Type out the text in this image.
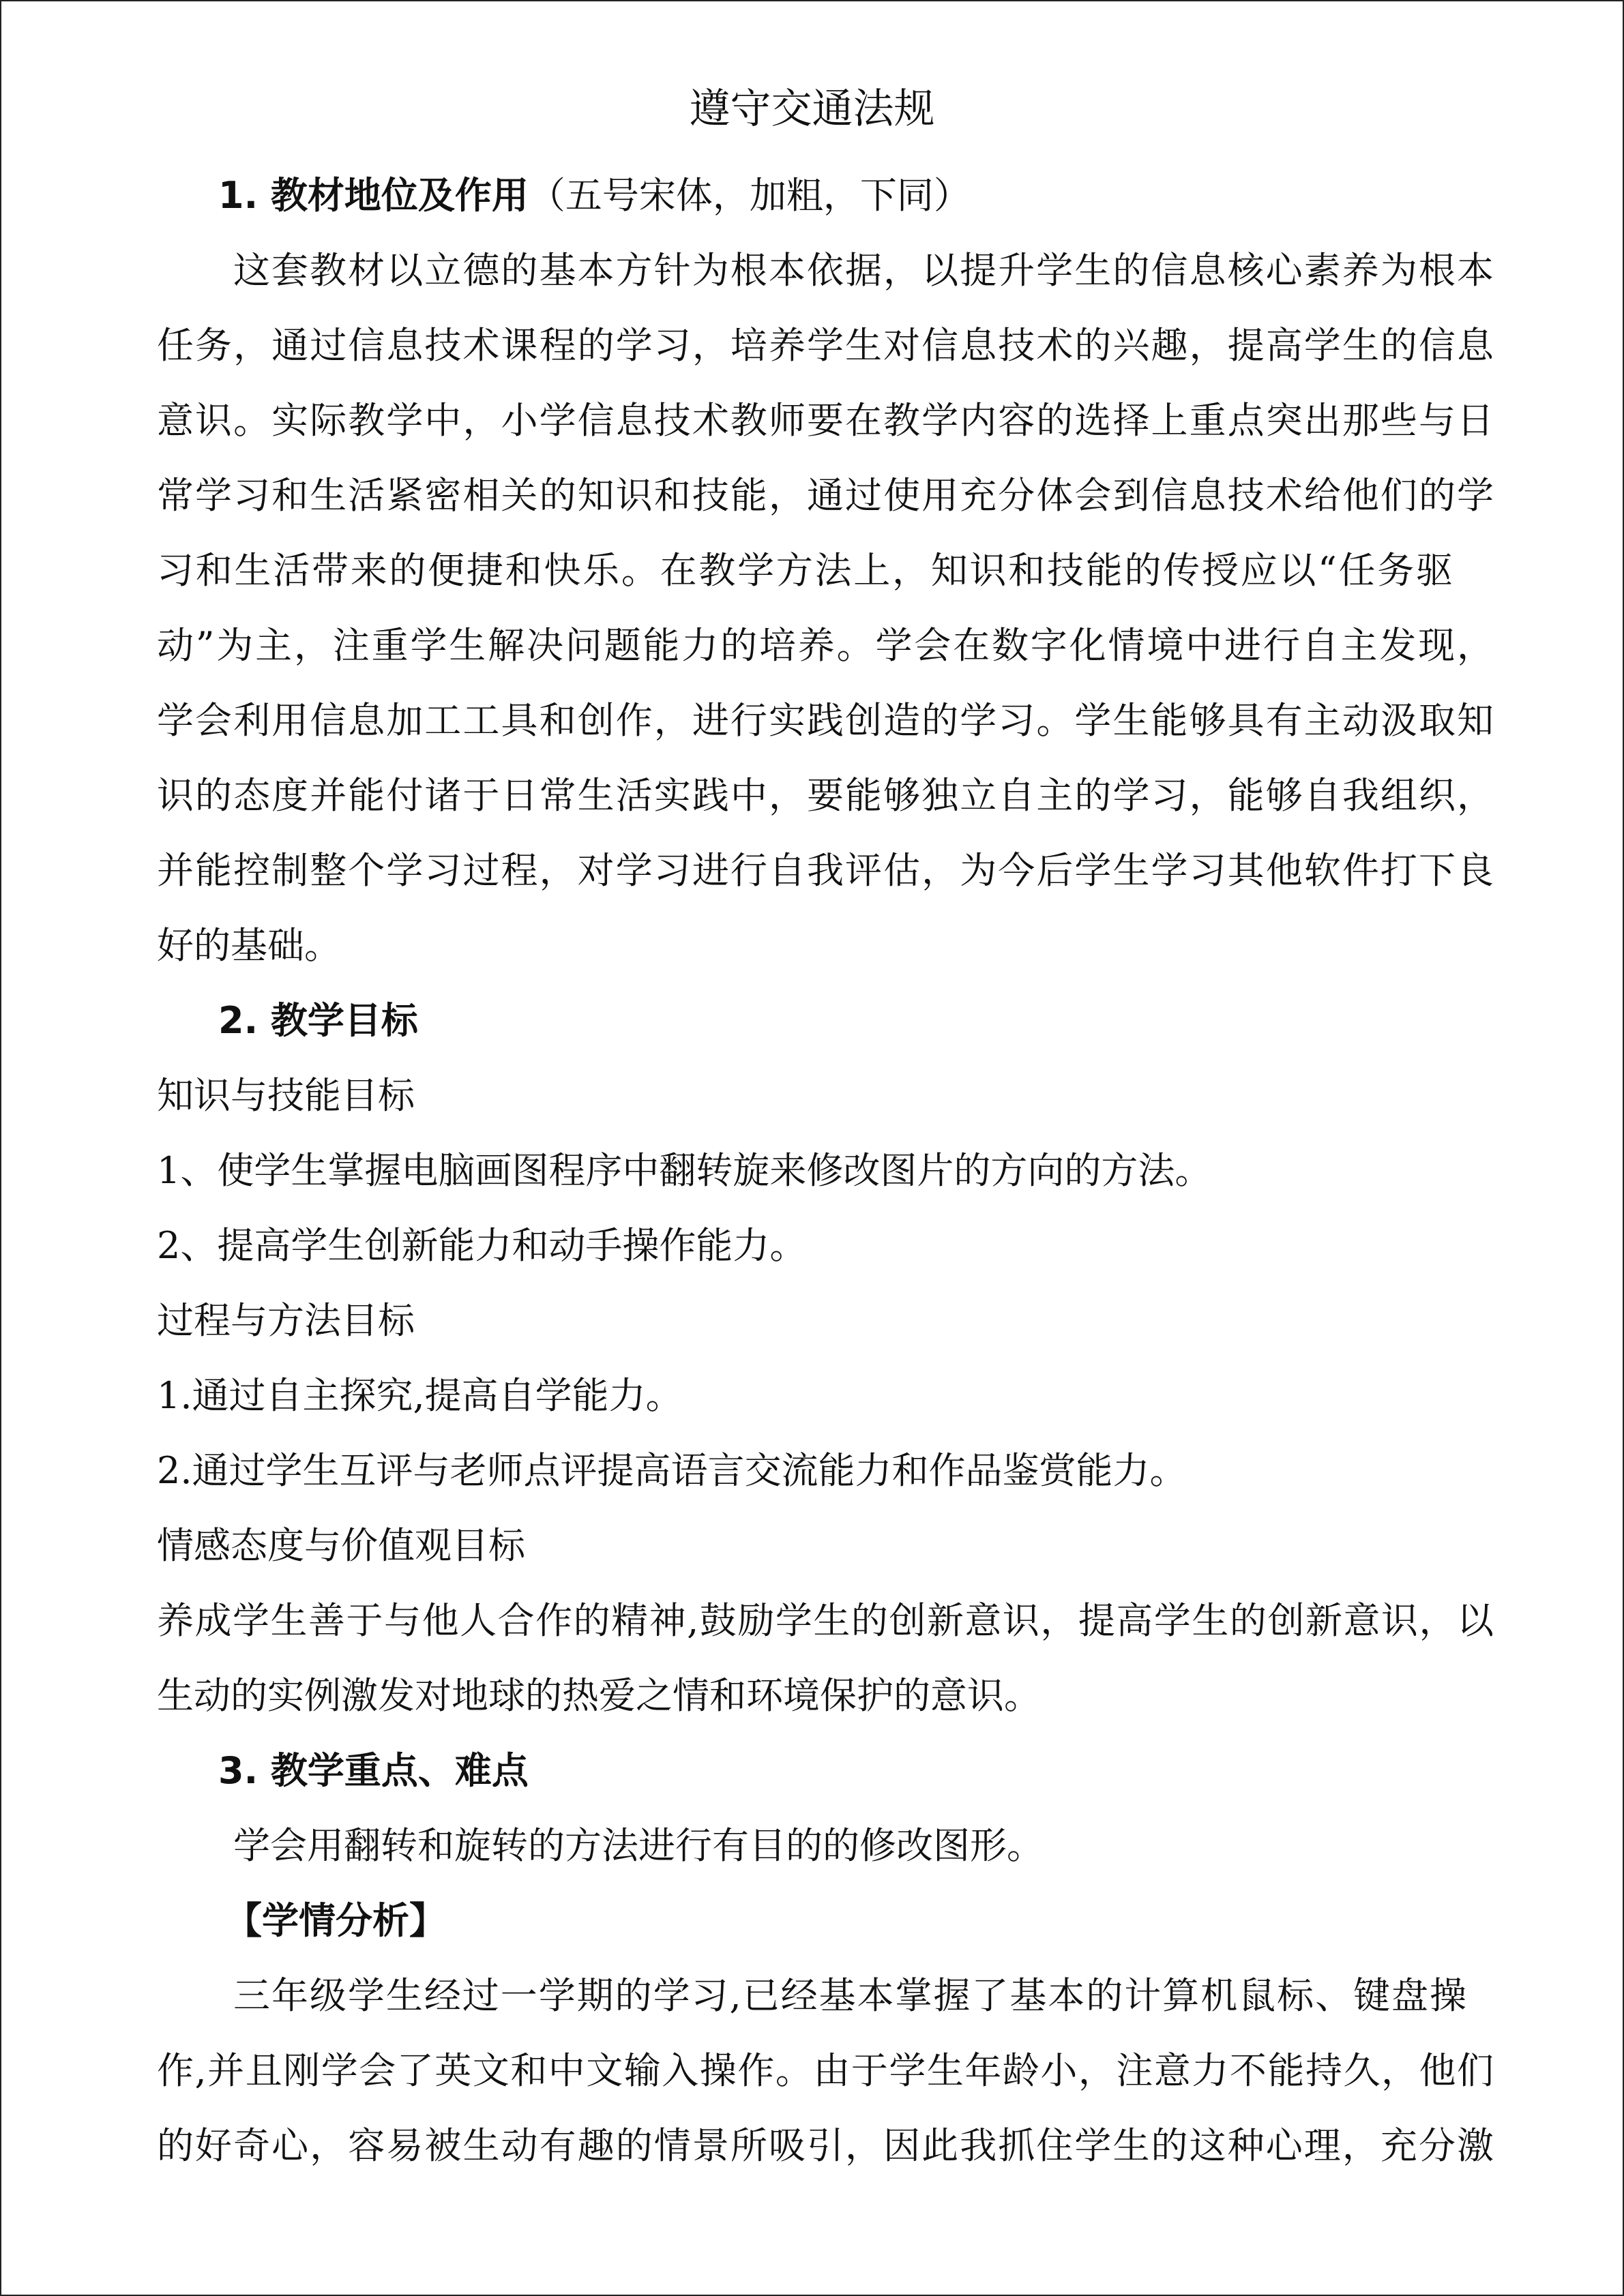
遵守交通法规
1. 教材地位及作用（五号宋体，加粗，下同）
这套教材以立德的基本方针为根本依据，以提升学生的信息核心素养为根本
任务，通过信息技术课程的学习，培养学生对信息技术的兴趣，提高学生的信息
意识。实际教学中，小学信息技术教师要在教学内容的选择上重点突出那些与日
常学习和生活紧密相关的知识和技能，通过使用充分体会到信息技术给他们的学
习和生活带来的便捷和快乐。在教学方法上，知识和技能的传授应以“任务驱
动”为主，注重学生解决问题能力的培养。学会在数字化情境中进行自主发现，
学会利用信息加工工具和创作，进行实践创造的学习。学生能够具有主动汲取知
识的态度并能付诸于日常生活实践中，要能够独立自主的学习，能够自我组织，
并能控制整个学习过程，对学习进行自我评估，为今后学生学习其他软件打下良
好的基础。
2. 教学目标
知识与技能目标
1、使学生掌握电脑画图程序中翻转旋来修改图片的方向的方法。
2、提高学生创新能力和动手操作能力。
过程与方法目标
1.通过自主探究,提高自学能力。
2.通过学生互评与老师点评提高语言交流能力和作品鉴赏能力。
情感态度与价值观目标
养成学生善于与他人合作的精神,鼓励学生的创新意识，提高学生的创新意识，以
生动的实例激发对地球的热爱之情和环境保护的意识。
3. 教学重点、难点
学会用翻转和旋转的方法进行有目的的修改图形。
【学情分析】
三年级学生经过一学期的学习,已经基本掌握了基本的计算机鼠标、键盘操
作,并且刚学会了英文和中文输入操作。由于学生年龄小，注意力不能持久，他们
的好奇心，容易被生动有趣的情景所吸引，因此我抓住学生的这种心理，充分激
